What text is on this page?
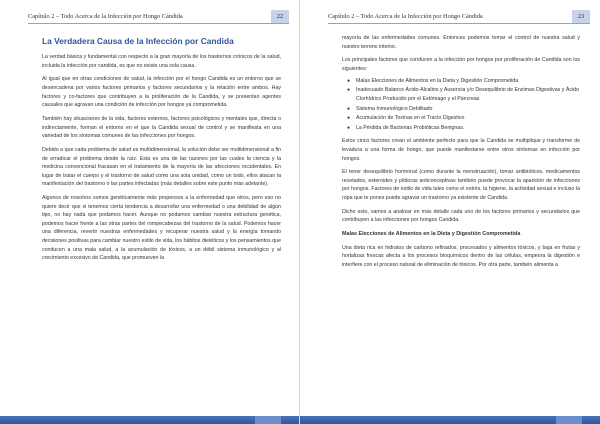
Capítulo 2 – Todo Acerca de la Infección por Hongo Cándida	22
La Verdadera Causa de la Infección por Candida

La verdad básica y fundamental con respecto a la gran mayoría de los trastornos crónicos de la salud, incluida la infección por candida, es que no existe una sola causa.

Al igual que en otras condiciones de salud, la infección por el hongo Candida es un entorno que se desencadena por varios factores primarios y factores secundarios y la relación entre ambos. Hay factores y co-factores que contribuyen a la proliferación de la Candida, y se presentan agentes causales que agravan una condición de infección por hongos ya comprometida.

También hay situaciones de la vida, factores externos, factores psicológicos y mentales que, directa o indirectamente, forman el entorno en el que la Candida sexual de control y se manifiesta en una variedad de los síntomas comunes de las infecciones por hongos.

Debido a que cada problema de salud es multidimensional, la solución debe ser multidimensional a fin de erradicar el problema desde la raíz. Esta es una de las razones por las cuales la ciencia y la medicina convencional fracasan en el tratamiento de la mayoría de las afecciones occidentales. En lugar de tratar el cuerpo y el trastorno de salud como una sola unidad, como un todo, ellos atacan la manifestación del trastorno o las partes infectadas (más detalles sobre este punto más adelante).

Algunos de nosotros somos genéticamente más propensos a la enfermedad que otros, pero eso no quiere decir que si tenemos cierta tendencia a desarrollar una enfermedad o una debilidad de algún tipo, no hay nada que podamos hacer. Aunque no podamos cambiar nuestra estructura genética, podemos hacer frente a las otras partes del rompecabezas del trastorno de la salud. Podemos hacer una diferencia, revertir nuestras enfermedades y recuperar nuestra salud y la energía tomando decisiones positivas para cambiar nuestro estilo de vida, los hábitos dietéticos y los pensamientos que conducen a una mala salud, a la acumulación de tóxicos, a un débil sistema inmunológico y al crecimiento excesivo de Candida, que promueven la

Capítulo 2 – Todo Acerca de la Infección por Hongo Cándida	23

mayoría de las enfermedades comunes. Entonces podemos tomar el control de nuestra salud y nuestro terreno interior.

Los principales factores que conducen a la infección por hongos por proliferación de Candida son los siguientes:

● Malas Elecciones de Alimentos en la Dieta y Digestión Comprometida
● Inadecuado Balance Ácido-Alcalino y Ausencia y/o Desequilibrio de Enzimas Digestivas y Ácido Clorhídrico Producido por el Estómago y el Páncreas
● Sistema Inmunológico Debilitado
● Acumulación de Toxinas en el Tracto Digestivo
● La Pérdida de Bacterias Probióticas Benignas.

Estos cinco factores crean el ambiente perfecto para que la Candida se multiplique y transforme de levadura a una forma de hongo, que puede manifestarse entre otros síntomas en infección por hongos.

El tener desequilibrio hormonal (como durante la menstruación), tomar antibióticos, medicamentos recetados, esteroides y píldoras anticonceptivas también puede provocar la aparición de infecciones por hongos. Factores de estilo de vida tales como el estrés, la higiene, la actividad sexual e incluso la ropa que te pones puede agravar un trastorno ya existente de Candida.

Dicho esto, vamos a analizar en más detalle cada uno de los factores primarios y secundarios que contribuyen a las infecciones por hongos Candida.

Malas Elecciones de Alimentos en la Dieta y Digestión Comprometida

Una dieta rica en hidratos de carbono refinados, procesados y alimentos tóxicos, y baja en frutas y hortalizas frescas afecta a los procesos bioquímicos dentro de las células, empeora la digestión e interfiere con el proceso natural de eliminación de tóxicos. Por otra parte, también alimenta a
